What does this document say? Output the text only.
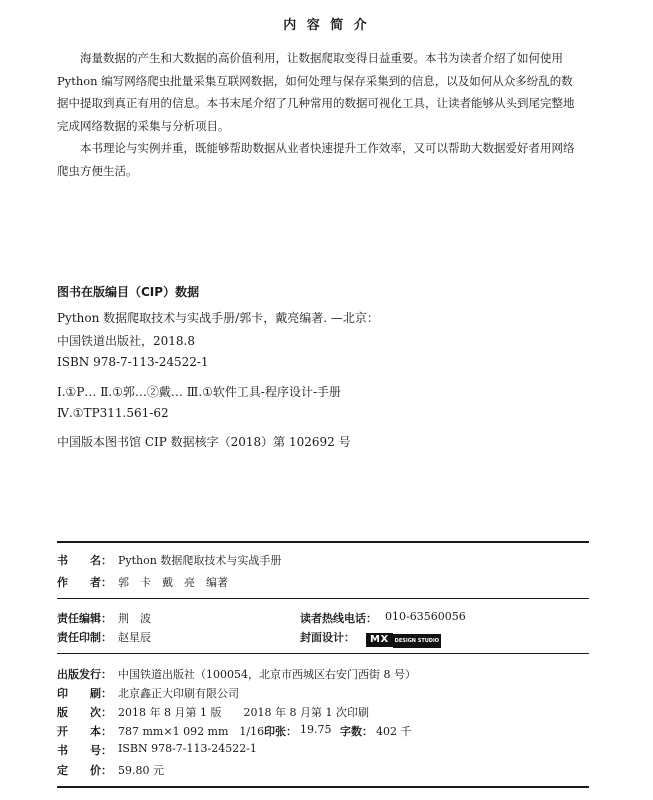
内 容 简 介

海量数据的产生和大数据的高价值利用，让数据爬取变得日益重要。本书为读者介绍了如何使用 Python 编写网络爬虫批量采集互联网数据，如何处理与保存采集到的信息，以及如何从众多纷乱的数据中提取到真正有用的信息。本书末尾介绍了几种常用的数据可视化工具，让读者能够从头到尾完整地完成网络数据的采集与分析项目。

本书理论与实例并重，既能够帮助数据从业者快速提升工作效率，又可以帮助大数据爱好者用网络爬虫方便生活。

图书在版编目（CIP）数据
Python 数据爬取技术与实战手册/郭卡，戴亮编著. —北京：
中国铁道出版社，2018.8
ISBN 978-7-113-24522-1
Ⅰ.①P… Ⅱ.①郭…②戴… Ⅲ.①软件工具-程序设计-手册
Ⅳ.①TP311.561-62
中国版本图书馆 CIP 数据核字（2018）第 102692 号
书　　名： Python 数据爬取技术与实战手册
作　　者： 郭　卡　戴　亮　编著
责任编辑： 荆　波	读者热线电话： 010-63560056
责任印制： 赵星辰	封面设计：	MX DESIGN STUDIO
出版发行： 中国铁道出版社（100054，北京市西城区右安门西街 8 号）
印　　刷： 北京鑫正大印刷有限公司
版　　次： 2018 年 8 月第 1 版　　2018 年 8 月第 1 次印刷
开　　本： 787 mm×1 092 mm　1/16 印张： 19.75 字数： 402 千
书　　号： ISBN 978-7-113-24522-1
定　　价： 59.80 元
